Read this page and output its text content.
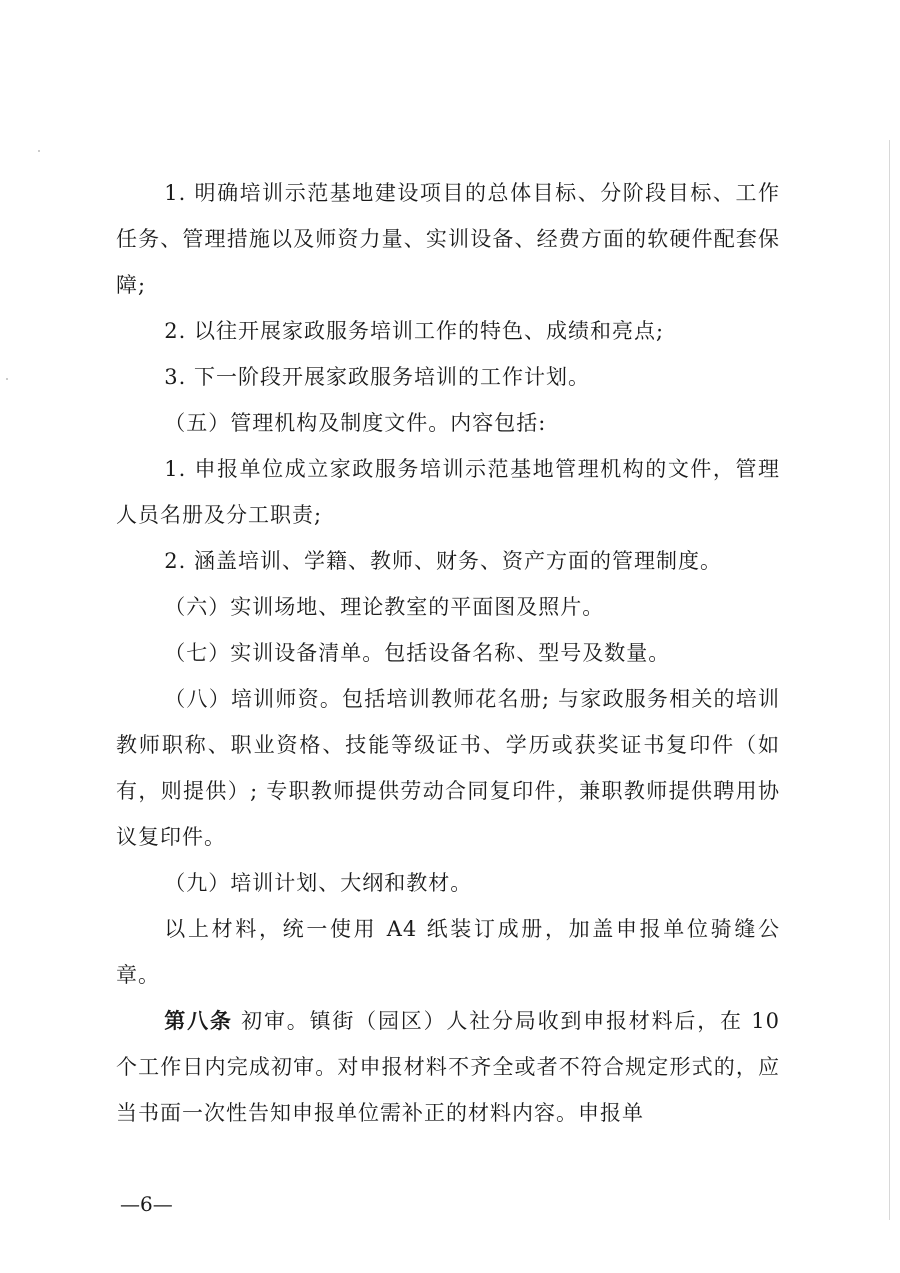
1. 明确培训示范基地建设项目的总体目标、分阶段目标、工作任务、管理措施以及师资力量、实训设备、经费方面的软硬件配套保障;

2. 以往开展家政服务培训工作的特色、成绩和亮点;

3. 下一阶段开展家政服务培训的工作计划。

（五）管理机构及制度文件。内容包括:

1. 申报单位成立家政服务培训示范基地管理机构的文件，管理人员名册及分工职责;

2. 涵盖培训、学籍、教师、财务、资产方面的管理制度。

（六）实训场地、理论教室的平面图及照片。

（七）实训设备清单。包括设备名称、型号及数量。

（八）培训师资。包括培训教师花名册; 与家政服务相关的培训教师职称、职业资格、技能等级证书、学历或获奖证书复印件（如有，则提供）; 专职教师提供劳动合同复印件，兼职教师提供聘用协议复印件。

（九）培训计划、大纲和教材。

以上材料，统一使用 A4 纸装订成册，加盖申报单位骑缝公章。

第八条 初审。镇街（园区）人社分局收到申报材料后，在 10 个工作日内完成初审。对申报材料不齐全或者不符合规定形式的，应当书面一次性告知申报单位需补正的材料内容。申报单

—6—
